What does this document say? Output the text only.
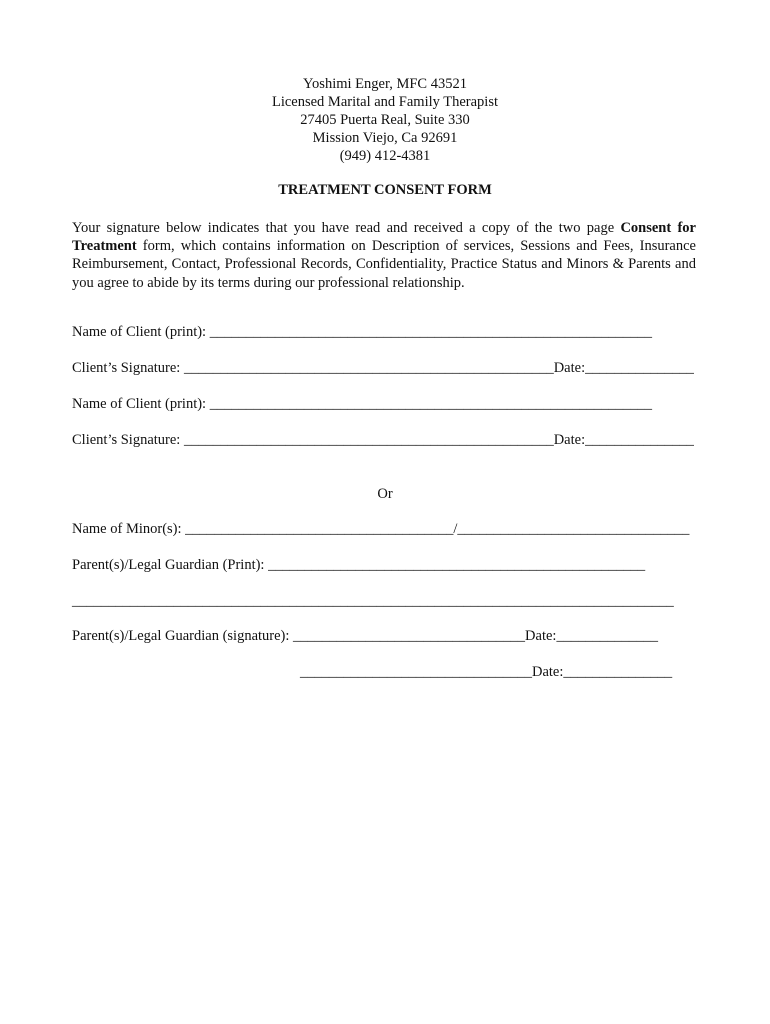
Yoshimi Enger, MFC 43521
Licensed Marital and Family Therapist
27405 Puerta Real, Suite 330
Mission Viejo, Ca 92691
(949) 412-4381
TREATMENT CONSENT FORM
Your signature below indicates that you have read and received a copy of the two page Consent for Treatment form, which contains information on Description of services, Sessions and Fees, Insurance Reimbursement, Contact, Professional Records, Confidentiality, Practice Status and Minors & Parents and you agree to abide by its terms during our professional relationship.
Name of Client (print): _____________________________________________________________
Client’s Signature: ___________________________________________________Date:_______________
Name of Client (print): _____________________________________________________________
Client’s Signature: ___________________________________________________Date:_______________
Or
Name of Minor(s): _____________________________________/________________________________
Parent(s)/Legal Guardian (Print): ____________________________________________________
___________________________________________________________________________________
Parent(s)/Legal Guardian (signature): ________________________________Date:______________
________________________________Date:_______________
